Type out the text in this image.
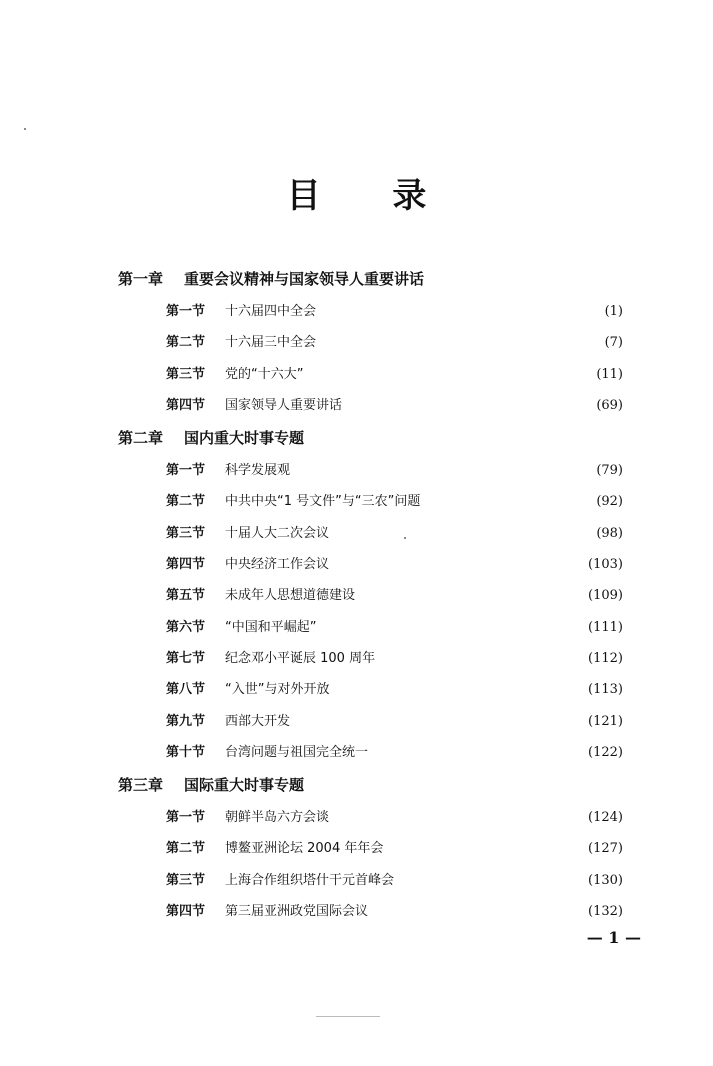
目 录
第一章 重要会议精神与国家领导人重要讲话
第一节	十六届四中全会	(1)
第二节	十六届三中全会	(7)
第三节	党的“十六大”	(11)
第四节	国家领导人重要讲话	(69)
第二章 国内重大时事专题
第一节	科学发展观	(79)
第二节	中共中央“1 号文件”与“三农”问题	(92)
第三节	十届人大二次会议	(98)
第四节	中央经济工作会议	(103)
第五节	未成年人思想道德建设	(109)
第六节	“中国和平崛起”	(111)
第七节	纪念邓小平诞辰 100 周年	(112)
第八节	“入世”与对外开放	(113)
第九节	西部大开发	(121)
第十节	台湾问题与祖国完全统一	(122)
第三章 国际重大时事专题
第一节	朝鲜半岛六方会谈	(124)
第二节	博鳌亚洲论坛 2004 年年会	(127)
第三节	上海合作组织塔什干元首峰会	(130)
第四节	第三届亚洲政党国际会议	(132)
— 1 —
